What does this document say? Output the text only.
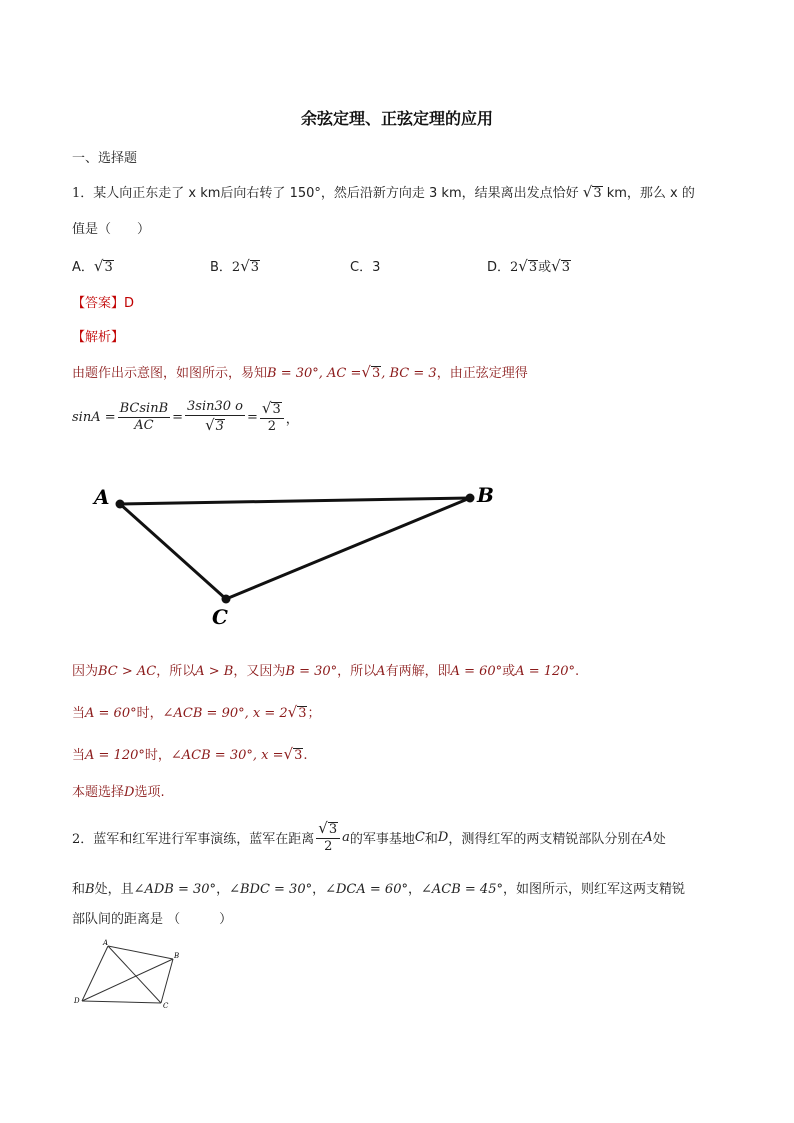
余弦定理、正弦定理的应用
一、选择题
1．某人向正东走了 x km后向右转了 150°，然后沿新方向走 3 km，结果离出发点恰好 √3 km，那么 x 的
值是（　　）
A．√3	B．2√3	C．3	D．2√3或√3
【答案】D
【解析】
由题作出示意图，如图所示，易知B = 30°, AC =√3, BC = 3，由正弦定理得
$\sin A = \frac{BCsinB}{AC} = \frac{3\sin 30 o}{√3} = \frac{√3}{2}$ ，
A	B
C
因为BC > AC，所以A > B，又因为B = 30°，所以A有两解，即A = 60°或A = 120°.
当A = 60°时，∠ACB = 90°, x = 2√3；
当A = 120°时，∠ACB = 30°, x =√3.
本题选择D选项.
2． 蓝军和红军进行军事演练，蓝军在距离 $\frac{√3}{2}$ a 的军事基地 C 和 D ，测得红军的两支精锐部队分别在 A 处
和B处，且∠ADB = 30°，∠BDC = 30°，∠DCA = 60°，∠ACB = 45°，如图所示，则红军这两支精锐
部队间的距离是 （　　　）
A
B
D
C
